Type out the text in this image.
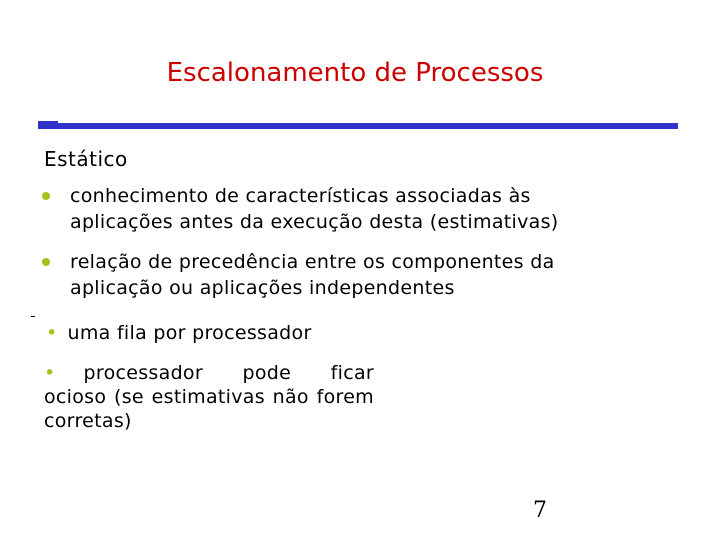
Escalonamento de Processos
Estático
conhecimento de características associadas às
aplicações antes da execução desta (estimativas)
relação de precedência entre os componentes da
aplicação ou aplicações independentes
• uma fila por processador
• processador pode ficar ocioso (se estimativas não forem corretas)
7
